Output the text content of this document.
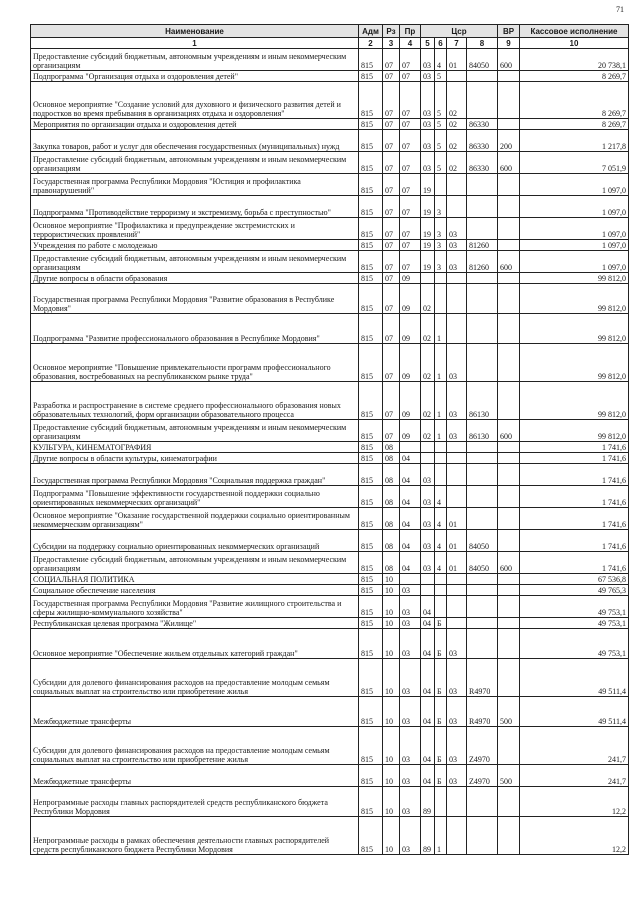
71
Наименование	Адм	Рз	Пр	Цср				ВР	Кассовое исполнение
1	2	3	4	5	6	7	8	9	10
Предоставление субсидий бюджетным, автономным учреждениям и иным некоммерческим организациям	815	07	07	03	4	01	84050	600	20 738,1
Подпрограмма "Организация отдыха и оздоровления детей"	815	07	07	03	5				8 269,7
Основное мероприятие "Создание условий для духовного и физического развития детей и подростков во время пребывания в организациях отдыха и оздоровления"	815	07	07	03	5	02			8 269,7
Мероприятия по организации отдыха и оздоровления детей	815	07	07	03	5	02	86330		8 269,7
Закупка товаров, работ и услуг для обеспечения государственных (муниципальных) нужд	815	07	07	03	5	02	86330	200	1 217,8
Предоставление субсидий бюджетным, автономным учреждениям и иным некоммерческим организациям	815	07	07	03	5	02	86330	600	7 051,9
Государственная программа Республики Мордовия "Юстиция и профилактика правонарушений"	815	07	07	19					1 097,0
Подпрограмма "Противодействие терроризму и экстремизму, борьба с преступностью"	815	07	07	19	3				1 097,0
Основное мероприятие "Профилактика и предупреждение экстремистских и террористических проявлений"	815	07	07	19	3	03			1 097,0
Учреждения по работе с молодежью	815	07	07	19	3	03	81260		1 097,0
Предоставление субсидий бюджетным, автономным учреждениям и иным некоммерческим организациям	815	07	07	19	3	03	81260	600	1 097,0
Другие вопросы в области образования	815	07	09						99 812,0
Государственная программа Республики Мордовия "Развитие образования в Республике Мордовия"	815	07	09	02					99 812,0
Подпрограмма "Развитие профессионального образования в Республике Мордовия"	815	07	09	02	1				99 812,0
Основное мероприятие "Повышение привлекательности программ профессионального образования, востребованных на республиканском рынке труда"	815	07	09	02	1	03			99 812,0
Разработка и распространение в системе среднего профессионального образования новых образовательных технологий, форм организации образовательного процесса	815	07	09	02	1	03	86130		99 812,0
Предоставление субсидий бюджетным, автономным учреждениям и иным некоммерческим организациям	815	07	09	02	1	03	86130	600	99 812,0
КУЛЬТУРА, КИНЕМАТОГРАФИЯ	815	08							1 741,6
Другие вопросы в области культуры, кинематографии	815	08	04						1 741,6
Государственная программа Республики Мордовия "Социальная поддержка граждан"	815	08	04	03					1 741,6
Подпрограмма "Повышение эффективности государственной поддержки социально ориентированных некоммерческих организаций"	815	08	04	03	4				1 741,6
Основное мероприятие "Оказание государственной поддержки социально ориентированным некоммерческим организациям"	815	08	04	03	4	01			1 741,6
Субсидии на поддержку социально ориентированных некоммерческих организаций	815	08	04	03	4	01	84050		1 741,6
Предоставление субсидий бюджетным, автономным учреждениям и иным некоммерческим организациям	815	08	04	03	4	01	84050	600	1 741,6
СОЦИАЛЬНАЯ ПОЛИТИКА	815	10							67 536,8
Социальное обеспечение населения	815	10	03						49 765,3
Государственная программа Республики Мордовия "Развитие жилищного строительства и сферы жилищно-коммунального хозяйства"	815	10	03	04					49 753,1
Республиканская целевая программа "Жилище"	815	10	03	04	Б				49 753,1
Основное мероприятие "Обеспечение жильем отдельных категорий граждан"	815	10	03	04	Б	03			49 753,1
Субсидии для долевого финансирования расходов на предоставление молодым семьям социальных выплат на строительство или приобретение жилья	815	10	03	04	Б	03	R4970		49 511,4
Межбюджетные трансферты	815	10	03	04	Б	03	R4970	500	49 511,4
Субсидии для долевого финансирования расходов на предоставление молодым семьям социальных выплат на строительство или приобретение жилья	815	10	03	04	Б	03	Z4970		241,7
Межбюджетные трансферты	815	10	03	04	Б	03	Z4970	500	241,7
Непрограммные расходы главных распорядителей средств республиканского бюджета Республики Мордовия	815	10	03	89					12,2
Непрограммные расходы в рамках обеспечения деятельности главных распорядителей средств республиканского бюджета Республики Мордовия	815	10	03	89	1				12,2
